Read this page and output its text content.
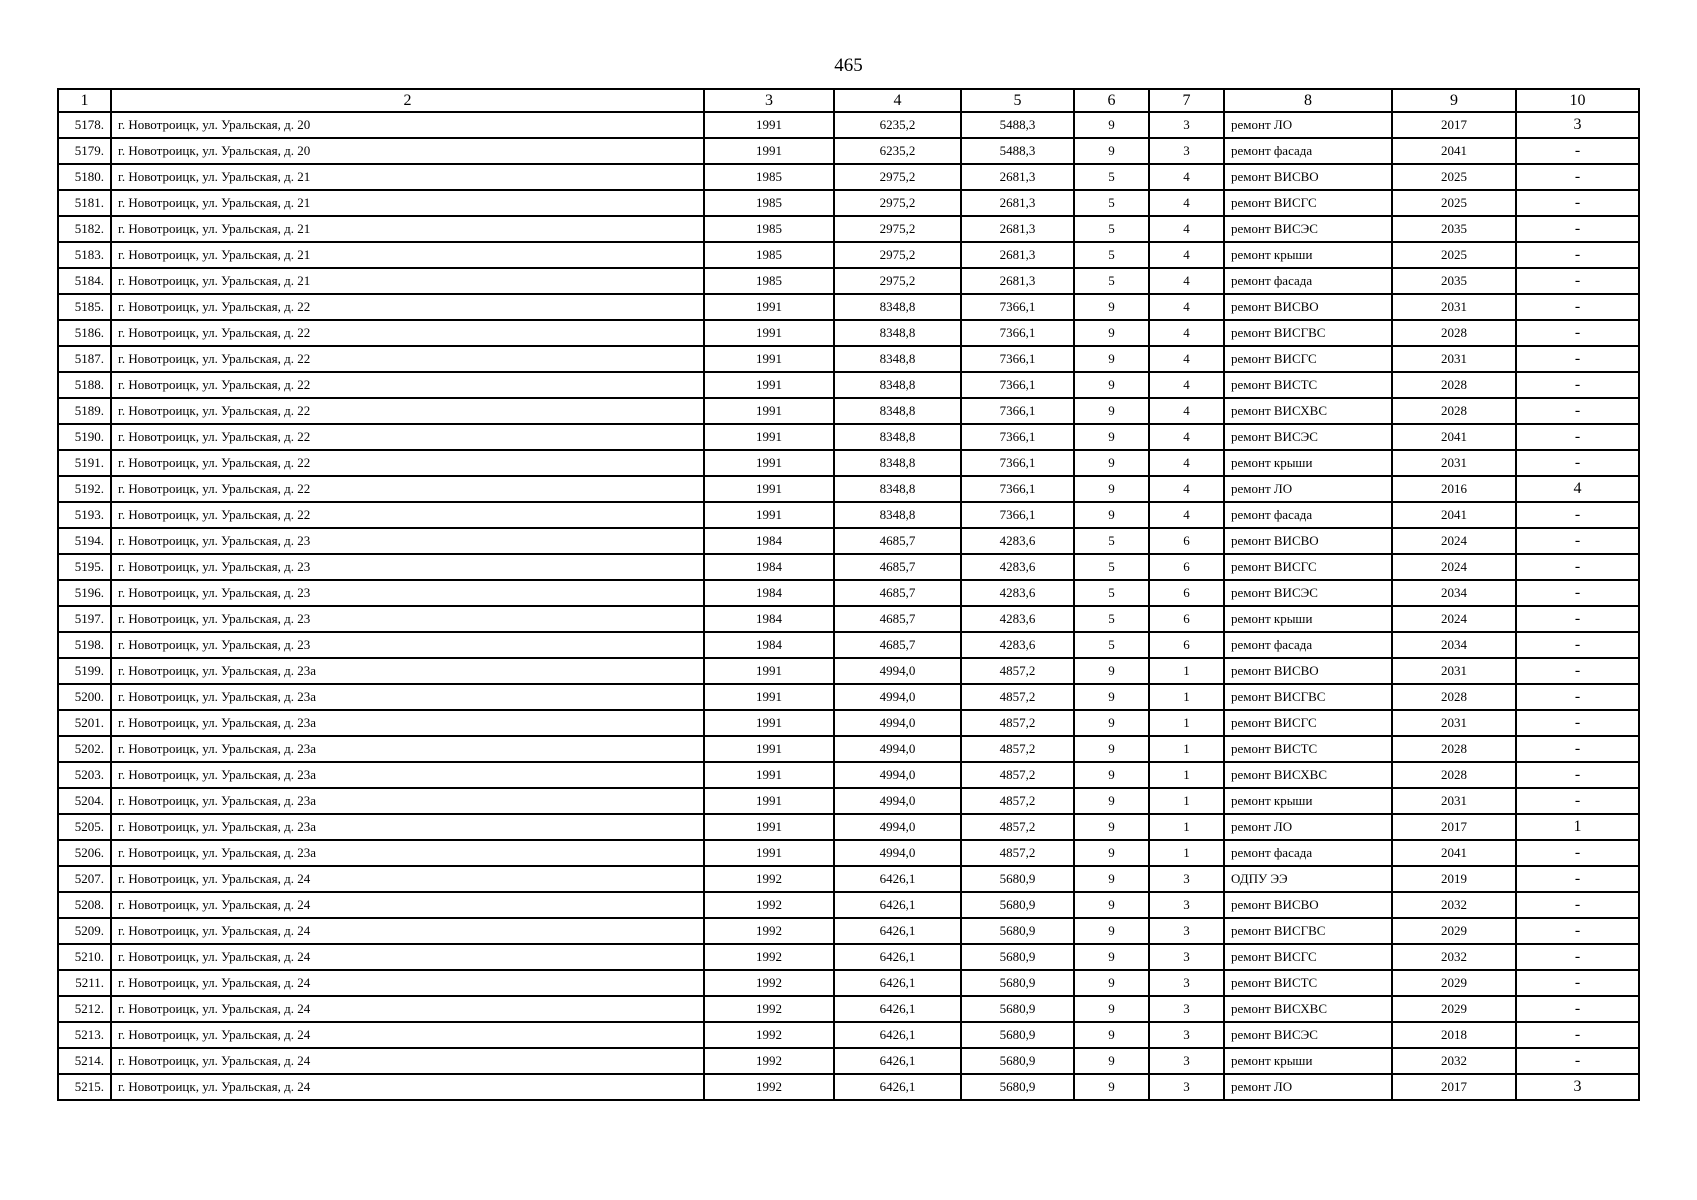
465
1	2	3	4	5	6	7	8	9	10
5178.	г. Новотроицк, ул. Уральская, д. 20	1991	6235,2	5488,3	9	3	ремонт ЛО	2017	3
5179.	г. Новотроицк, ул. Уральская, д. 20	1991	6235,2	5488,3	9	3	ремонт фасада	2041	-
5180.	г. Новотроицк, ул. Уральская, д. 21	1985	2975,2	2681,3	5	4	ремонт ВИСВО	2025	-
5181.	г. Новотроицк, ул. Уральская, д. 21	1985	2975,2	2681,3	5	4	ремонт ВИСГС	2025	-
5182.	г. Новотроицк, ул. Уральская, д. 21	1985	2975,2	2681,3	5	4	ремонт ВИСЭС	2035	-
5183.	г. Новотроицк, ул. Уральская, д. 21	1985	2975,2	2681,3	5	4	ремонт крыши	2025	-
5184.	г. Новотроицк, ул. Уральская, д. 21	1985	2975,2	2681,3	5	4	ремонт фасада	2035	-
5185.	г. Новотроицк, ул. Уральская, д. 22	1991	8348,8	7366,1	9	4	ремонт ВИСВО	2031	-
5186.	г. Новотроицк, ул. Уральская, д. 22	1991	8348,8	7366,1	9	4	ремонт ВИСГВС	2028	-
5187.	г. Новотроицк, ул. Уральская, д. 22	1991	8348,8	7366,1	9	4	ремонт ВИСГС	2031	-
5188.	г. Новотроицк, ул. Уральская, д. 22	1991	8348,8	7366,1	9	4	ремонт ВИСТС	2028	-
5189.	г. Новотроицк, ул. Уральская, д. 22	1991	8348,8	7366,1	9	4	ремонт ВИСХВС	2028	-
5190.	г. Новотроицк, ул. Уральская, д. 22	1991	8348,8	7366,1	9	4	ремонт ВИСЭС	2041	-
5191.	г. Новотроицк, ул. Уральская, д. 22	1991	8348,8	7366,1	9	4	ремонт крыши	2031	-
5192.	г. Новотроицк, ул. Уральская, д. 22	1991	8348,8	7366,1	9	4	ремонт ЛО	2016	4
5193.	г. Новотроицк, ул. Уральская, д. 22	1991	8348,8	7366,1	9	4	ремонт фасада	2041	-
5194.	г. Новотроицк, ул. Уральская, д. 23	1984	4685,7	4283,6	5	6	ремонт ВИСВО	2024	-
5195.	г. Новотроицк, ул. Уральская, д. 23	1984	4685,7	4283,6	5	6	ремонт ВИСГС	2024	-
5196.	г. Новотроицк, ул. Уральская, д. 23	1984	4685,7	4283,6	5	6	ремонт ВИСЭС	2034	-
5197.	г. Новотроицк, ул. Уральская, д. 23	1984	4685,7	4283,6	5	6	ремонт крыши	2024	-
5198.	г. Новотроицк, ул. Уральская, д. 23	1984	4685,7	4283,6	5	6	ремонт фасада	2034	-
5199.	г. Новотроицк, ул. Уральская, д. 23а	1991	4994,0	4857,2	9	1	ремонт ВИСВО	2031	-
5200.	г. Новотроицк, ул. Уральская, д. 23а	1991	4994,0	4857,2	9	1	ремонт ВИСГВС	2028	-
5201.	г. Новотроицк, ул. Уральская, д. 23а	1991	4994,0	4857,2	9	1	ремонт ВИСГС	2031	-
5202.	г. Новотроицк, ул. Уральская, д. 23а	1991	4994,0	4857,2	9	1	ремонт ВИСТС	2028	-
5203.	г. Новотроицк, ул. Уральская, д. 23а	1991	4994,0	4857,2	9	1	ремонт ВИСХВС	2028	-
5204.	г. Новотроицк, ул. Уральская, д. 23а	1991	4994,0	4857,2	9	1	ремонт крыши	2031	-
5205.	г. Новотроицк, ул. Уральская, д. 23а	1991	4994,0	4857,2	9	1	ремонт ЛО	2017	1
5206.	г. Новотроицк, ул. Уральская, д. 23а	1991	4994,0	4857,2	9	1	ремонт фасада	2041	-
5207.	г. Новотроицк, ул. Уральская, д. 24	1992	6426,1	5680,9	9	3	ОДПУ ЭЭ	2019	-
5208.	г. Новотроицк, ул. Уральская, д. 24	1992	6426,1	5680,9	9	3	ремонт ВИСВО	2032	-
5209.	г. Новотроицк, ул. Уральская, д. 24	1992	6426,1	5680,9	9	3	ремонт ВИСГВС	2029	-
5210.	г. Новотроицк, ул. Уральская, д. 24	1992	6426,1	5680,9	9	3	ремонт ВИСГС	2032	-
5211.	г. Новотроицк, ул. Уральская, д. 24	1992	6426,1	5680,9	9	3	ремонт ВИСТС	2029	-
5212.	г. Новотроицк, ул. Уральская, д. 24	1992	6426,1	5680,9	9	3	ремонт ВИСХВС	2029	-
5213.	г. Новотроицк, ул. Уральская, д. 24	1992	6426,1	5680,9	9	3	ремонт ВИСЭС	2018	-
5214.	г. Новотроицк, ул. Уральская, д. 24	1992	6426,1	5680,9	9	3	ремонт крыши	2032	-
5215.	г. Новотроицк, ул. Уральская, д. 24	1992	6426,1	5680,9	9	3	ремонт ЛО	2017	3
